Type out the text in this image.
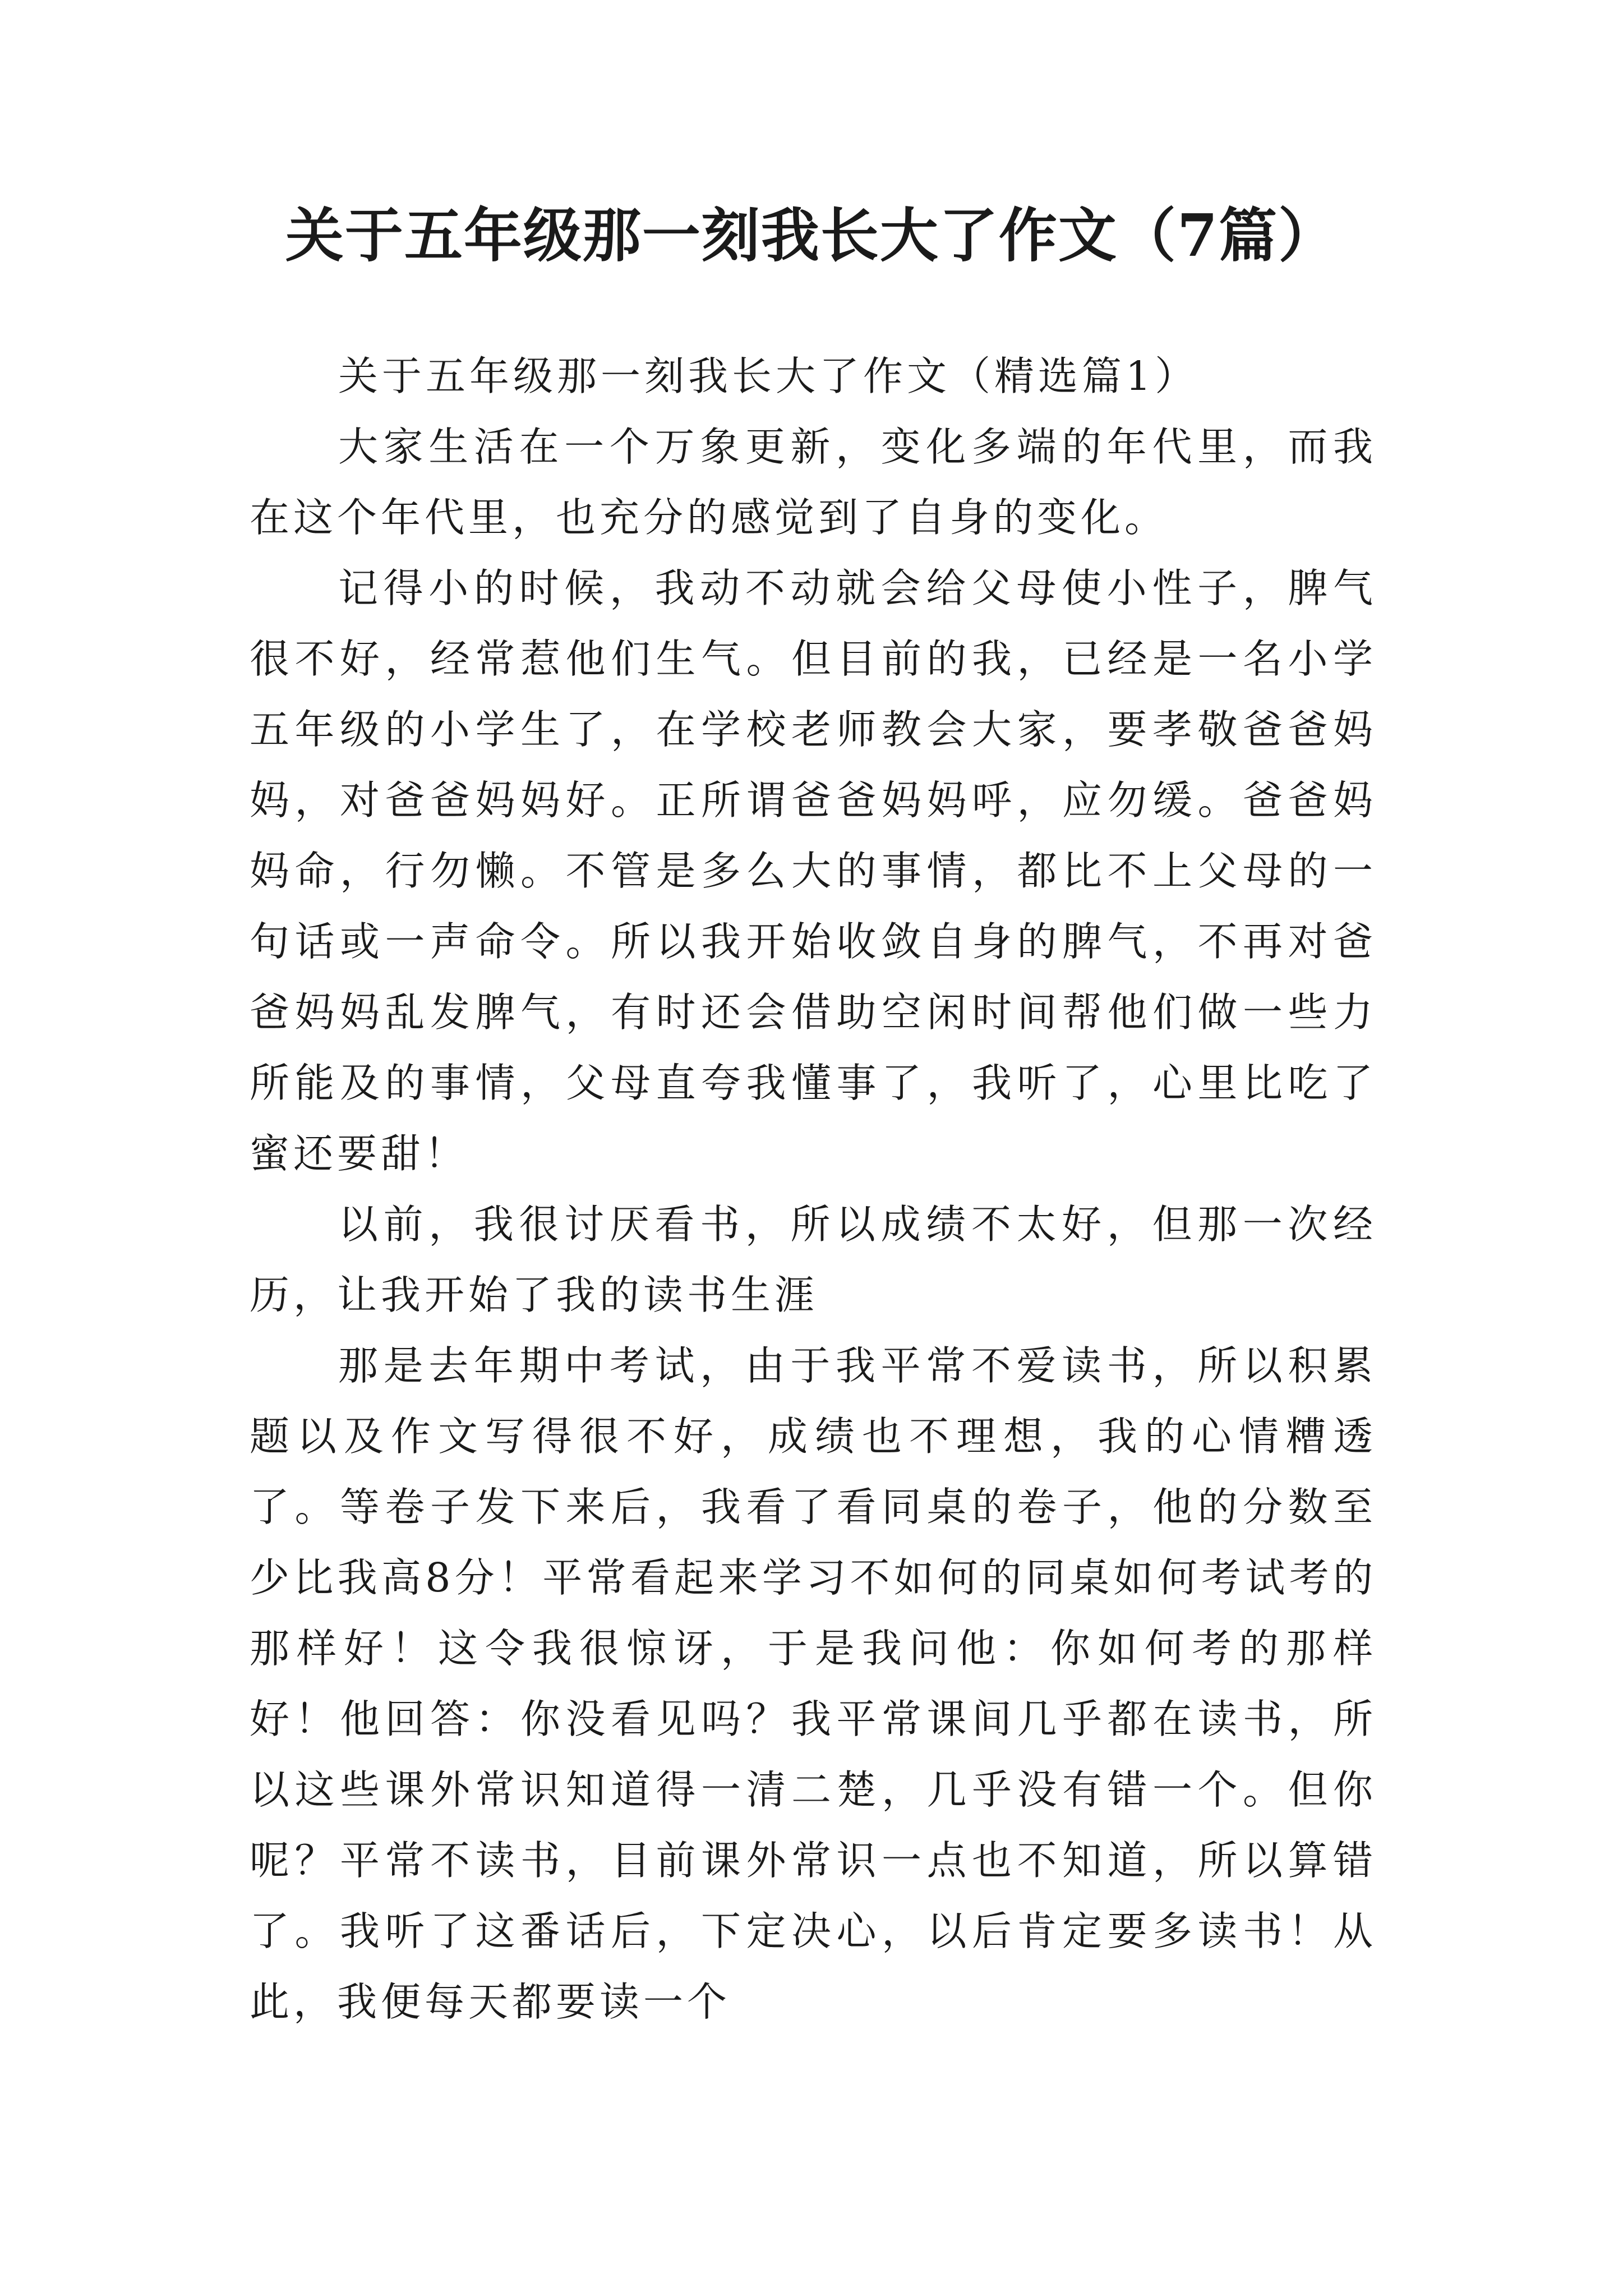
关于五年级那一刻我长大了作文（7篇）

关于五年级那一刻我长大了作文（精选篇1）

大家生活在一个万象更新，变化多端的年代里，而我在这个年代里，也充分的感觉到了自身的变化。

记得小的时候，我动不动就会给父母使小性子，脾气很不好，经常惹他们生气。但目前的我，已经是一名小学五年级的小学生了，在学校老师教会大家，要孝敬爸爸妈妈，对爸爸妈妈好。正所谓爸爸妈妈呼，应勿缓。爸爸妈妈命，行勿懒。不管是多么大的事情，都比不上父母的一句话或一声命令。所以我开始收敛自身的脾气，不再对爸爸妈妈乱发脾气，有时还会借助空闲时间帮他们做一些力所能及的事情，父母直夸我懂事了，我听了，心里比吃了蜜还要甜！

以前，我很讨厌看书，所以成绩不太好，但那一次经历，让我开始了我的读书生涯

那是去年期中考试，由于我平常不爱读书，所以积累题以及作文写得很不好，成绩也不理想，我的心情糟透了。等卷子发下来后，我看了看同桌的卷子，他的分数至少比我高8分！平常看起来学习不如何的同桌如何考试考的那样好！这令我很惊讶，于是我问他：你如何考的那样好！他回答：你没看见吗？我平常课间几乎都在读书，所以这些课外常识知道得一清二楚，几乎没有错一个。但你呢？平常不读书，目前课外常识一点也不知道，所以算错了。我听了这番话后，下定决心，以后肯定要多读书！从此，我便每天都要读一个
